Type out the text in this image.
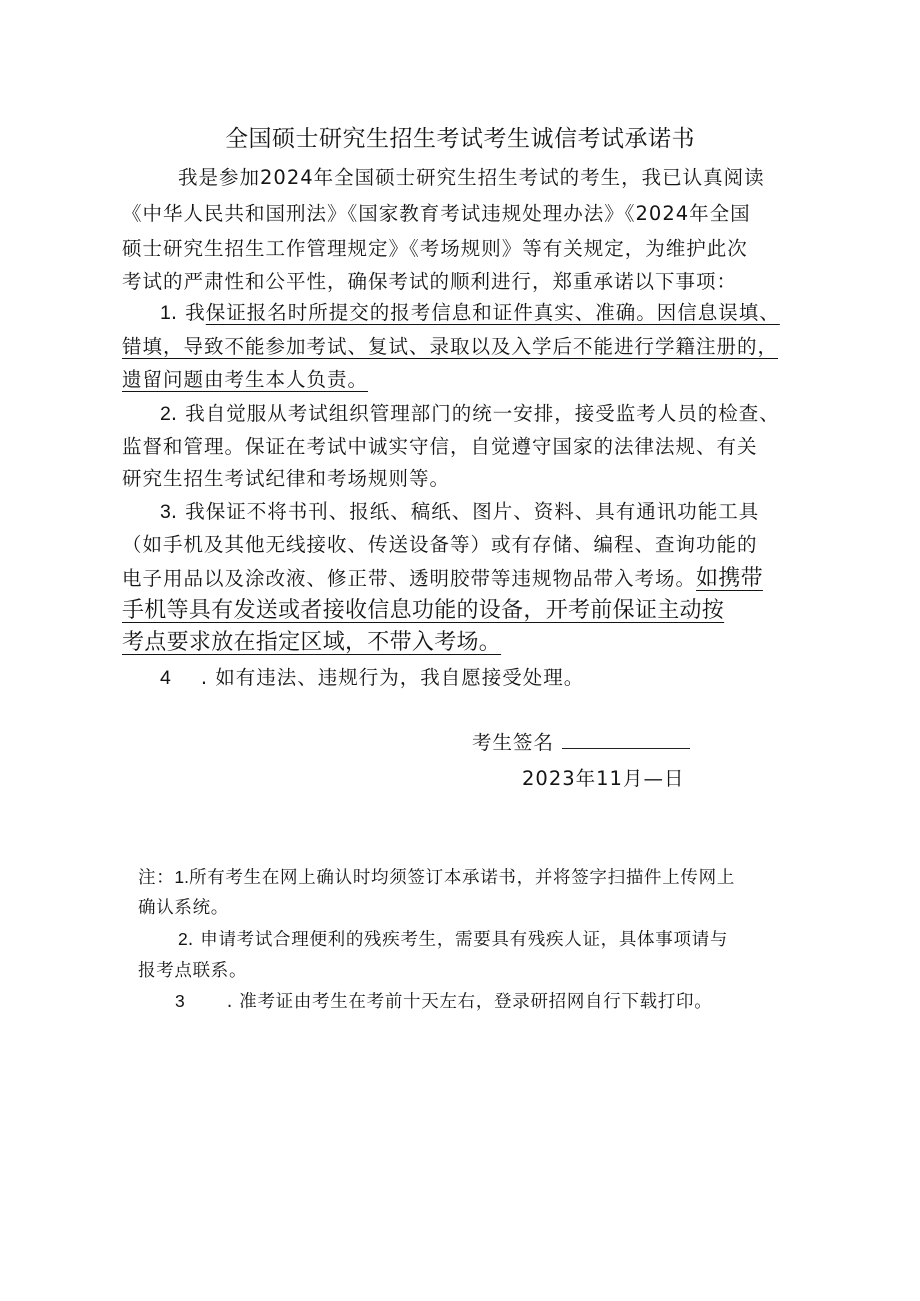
全国硕士研究生招生考试考生诚信考试承诺书
我是参加2024年全国硕士研究生招生考试的考生，我已认真阅读
《中华人民共和国刑法》《国家教育考试违规处理办法》《2024年全国
硕士研究生招生工作管理规定》《考场规则》等有关规定，为维护此次
考试的严肃性和公平性，确保考试的顺利进行，郑重承诺以下事项：
1. 我保证报名时所提交的报考信息和证件真实、准确。因信息误填、
错填，导致不能参加考试、复试、录取以及入学后不能进行学籍注册的，
遗留问题由考生本人负责。
2. 我自觉服从考试组织管理部门的统一安排，接受监考人员的检查、
监督和管理。保证在考试中诚实守信，自觉遵守国家的法律法规、有关
研究生招生考试纪律和考场规则等。
3. 我保证不将书刊、报纸、稿纸、图片、资料、具有通讯功能工具
（如手机及其他无线接收、传送设备等）或有存储、编程、查询功能的
电子用品以及涂改液、修正带、透明胶带等违规物品带入考场。如携带
手机等具有发送或者接收信息功能的设备，开考前保证主动按
考点要求放在指定区域，不带入考场。
4 . 如有违法、违规行为，我自愿接受处理。
考生签名
2023年11月—日
注：1.所有考生在网上确认时均须签订本承诺书，并将签字扫描件上传网上
确认系统。
2. 申请考试合理便利的残疾考生，需要具有残疾人证，具体事项请与
报考点联系。
3 . 准考证由考生在考前十天左右，登录研招网自行下载打印。
